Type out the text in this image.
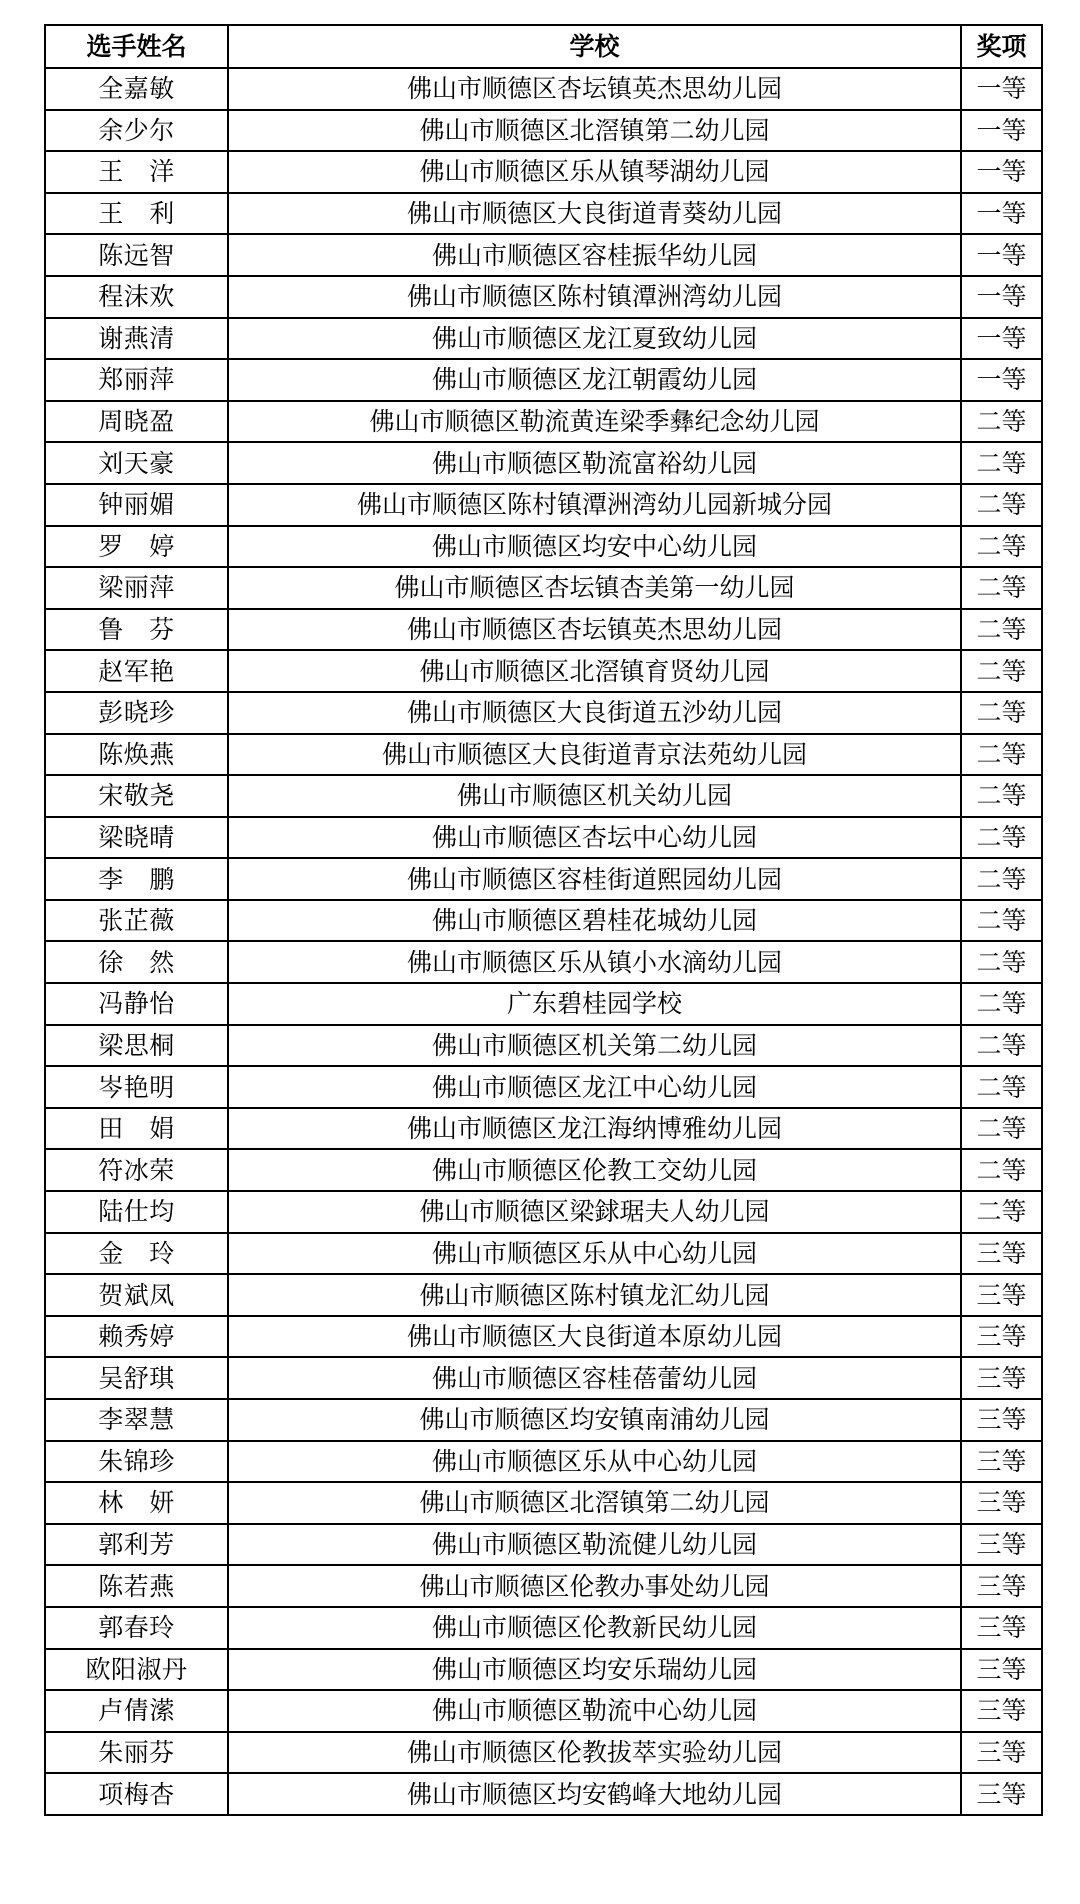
选手姓名	学校	奖项
全嘉敏	佛山市顺德区杏坛镇英杰思幼儿园	一等
余少尔	佛山市顺德区北滘镇第二幼儿园	一等
王　洋	佛山市顺德区乐从镇琴湖幼儿园	一等
王　利	佛山市顺德区大良街道青葵幼儿园	一等
陈远智	佛山市顺德区容桂振华幼儿园	一等
程沫欢	佛山市顺德区陈村镇潭洲湾幼儿园	一等
谢燕清	佛山市顺德区龙江夏致幼儿园	一等
郑丽萍	佛山市顺德区龙江朝霞幼儿园	一等
周晓盈	佛山市顺德区勒流黄连梁季彝纪念幼儿园	二等
刘天豪	佛山市顺德区勒流富裕幼儿园	二等
钟丽媚	佛山市顺德区陈村镇潭洲湾幼儿园新城分园	二等
罗　婷	佛山市顺德区均安中心幼儿园	二等
梁丽萍	佛山市顺德区杏坛镇杏美第一幼儿园	二等
鲁　芬	佛山市顺德区杏坛镇英杰思幼儿园	二等
赵军艳	佛山市顺德区北滘镇育贤幼儿园	二等
彭晓珍	佛山市顺德区大良街道五沙幼儿园	二等
陈焕燕	佛山市顺德区大良街道青京法苑幼儿园	二等
宋敬尧	佛山市顺德区机关幼儿园	二等
梁晓晴	佛山市顺德区杏坛中心幼儿园	二等
李　鹏	佛山市顺德区容桂街道熙园幼儿园	二等
张芷薇	佛山市顺德区碧桂花城幼儿园	二等
徐　然	佛山市顺德区乐从镇小水滴幼儿园	二等
冯静怡	广东碧桂园学校	二等
梁思桐	佛山市顺德区机关第二幼儿园	二等
岑艳明	佛山市顺德区龙江中心幼儿园	二等
田　娟	佛山市顺德区龙江海纳博雅幼儿园	二等
符冰荣	佛山市顺德区伦教工交幼儿园	二等
陆仕均	佛山市顺德区梁銶琚夫人幼儿园	二等
金　玲	佛山市顺德区乐从中心幼儿园	三等
贺斌凤	佛山市顺德区陈村镇龙汇幼儿园	三等
赖秀婷	佛山市顺德区大良街道本原幼儿园	三等
吴舒琪	佛山市顺德区容桂蓓蕾幼儿园	三等
李翠慧	佛山市顺德区均安镇南浦幼儿园	三等
朱锦珍	佛山市顺德区乐从中心幼儿园	三等
林　妍	佛山市顺德区北滘镇第二幼儿园	三等
郭利芳	佛山市顺德区勒流健儿幼儿园	三等
陈若燕	佛山市顺德区伦教办事处幼儿园	三等
郭春玲	佛山市顺德区伦教新民幼儿园	三等
欧阳淑丹	佛山市顺德区均安乐瑞幼儿园	三等
卢倩潆	佛山市顺德区勒流中心幼儿园	三等
朱丽芬	佛山市顺德区伦教拔萃实验幼儿园	三等
项梅杏	佛山市顺德区均安鹤峰大地幼儿园	三等
